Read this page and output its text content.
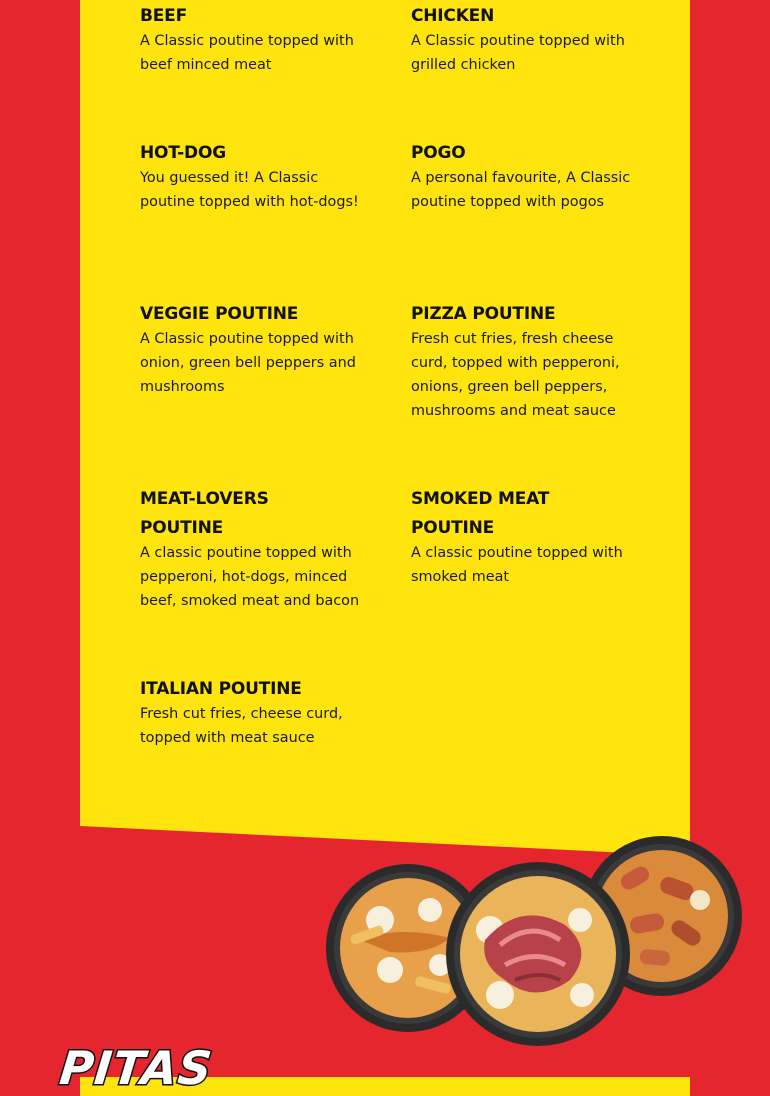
BEEF

A Classic poutine topped with beef minced meat

CHICKEN

A Classic poutine topped with grilled chicken

HOT-DOG

You guessed it! A Classic poutine topped with hot-dogs!

POGO

A personal favourite, A Classic poutine topped with pogos

VEGGIE POUTINE

A Classic poutine topped with onion, green bell peppers and mushrooms

PIZZA POUTINE

Fresh cut fries, fresh cheese curd, topped with pepperoni, onions, green bell peppers, mushrooms and meat sauce

MEAT-LOVERS POUTINE

A classic poutine topped with pepperoni, hot-dogs, minced beef, smoked meat and bacon

SMOKED MEAT POUTINE

A classic poutine topped with smoked meat

ITALIAN POUTINE

Fresh cut fries, cheese curd, topped with meat sauce

PITAS
